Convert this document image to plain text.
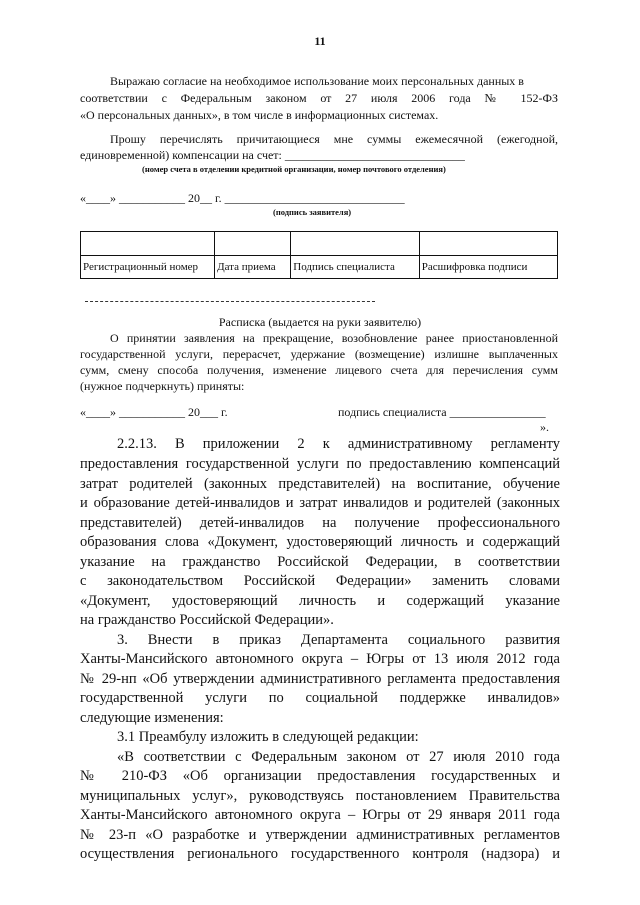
11
Выражаю согласие на необходимое использование моих персональных данных в
соответствии с Федеральным законом от 27 июля 2006 года № 152-ФЗ
«О персональных данных», в том числе в информационных системах.
Прошу перечислять причитающиеся мне суммы ежемесячной (ежегодной,
единовременной) компенсации на счет: ______________________________
(номер счета в отделении кредитной организации, номер почтового отделения)
«____» ___________ 20__ г. ______________________________
(подпись заявителя)

Регистрационный номер	Дата приема	Подпись специалиста	Расшифровка подписи
Расписка (выдается на руки заявителю)
О принятии заявления на прекращение, возобновление ранее приостановленной
государственной услуги, перерасчет, удержание (возмещение) излишне выплаченных
сумм, смену способа получения, изменение лицевого счета для перечисления сумм
(нужное подчеркнуть) приняты:
«____» ___________ 20___ г.	подпись специалиста ________________
».
2.2.13. В приложении 2 к административному регламенту
предоставления государственной услуги по предоставлению компенсаций
затрат родителей (законных представителей) на воспитание, обучение
и образование детей-инвалидов и затрат инвалидов и родителей (законных
представителей) детей-инвалидов на получение профессионального
образования слова «Документ, удостоверяющий личность и содержащий
указание на гражданство Российской Федерации, в соответствии
с законодательством Российской Федерации» заменить словами
«Документ, удостоверяющий личность и содержащий указание
на гражданство Российской Федерации».
3. Внести в приказ Департамента социального развития
Ханты-Мансийского автономного округа – Югры от 13 июля 2012 года
№ 29-нп «Об утверждении административного регламента предоставления
государственной услуги по социальной поддержке инвалидов»
следующие изменения:
3.1 Преамбулу изложить в следующей редакции:
«В соответствии с Федеральным законом от 27 июля 2010 года
№ 210-ФЗ «Об организации предоставления государственных и
муниципальных услуг», руководствуясь постановлением Правительства
Ханты-Мансийского автономного округа – Югры от 29 января 2011 года
№ 23-п «О разработке и утверждении административных регламентов
осуществления регионального государственного контроля (надзора) и
